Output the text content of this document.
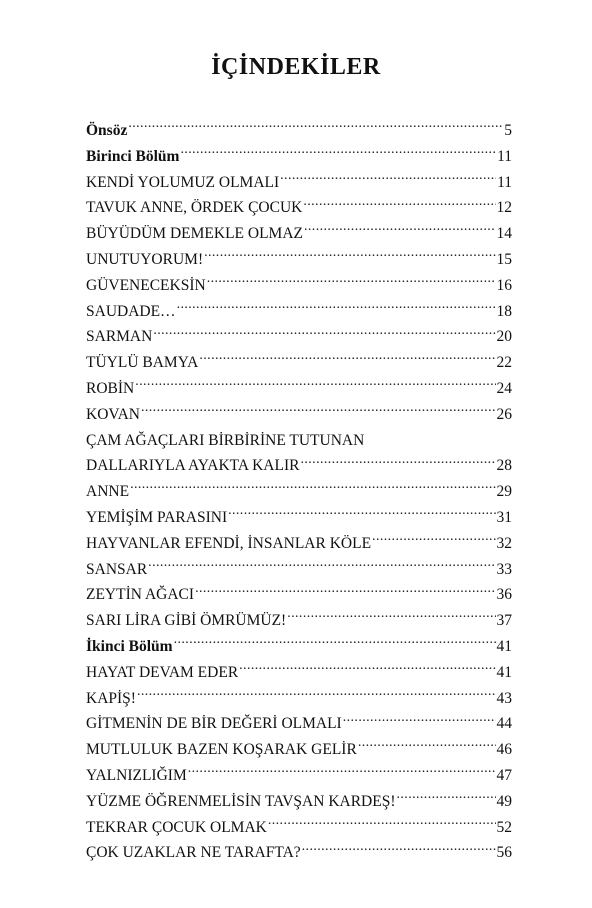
İÇİNDEKİLER
Önsöz .....	5
Birinci Bölüm .....	11
KENDİ YOLUMUZ OLMALI .....	11
TAVUK ANNE, ÖRDEK ÇOCUK .....	12
BÜYÜDÜM DEMEKLE OLMAZ .....	14
UNUTUYORUM! .....	15
GÜVENECEKSİN .....	16
SAUDADE… .....	18
SARMAN .....	20
TÜYLÜ BAMYA .....	22
ROBİN .....	24
KOVAN .....	26
ÇAM AĞAÇLARI BİRBİRİNE TUTUNAN
DALLARIYLA AYAKTA KALIR .....	28
ANNE .....	29
YEMİŞİM PARASINI .....	31
HAYVANLAR EFENDİ, İNSANLAR KÖLE .....	32
SANSAR .....	33
ZEYTİN AĞACI .....	36
SARI LİRA GİBİ ÖMRÜMÜZ! .....	37
İkinci Bölüm .....	41
HAYAT DEVAM EDER .....	41
KAPİŞ! .....	43
GİTMENİN DE BİR DEĞERİ OLMALI .....	44
MUTLULUK BAZEN KOŞARAK GELİR .....	46
YALNIZLIĞIM .....	47
YÜZME ÖĞRENMELİSİN TAVŞAN KARDEŞ! .....	49
TEKRAR ÇOCUK OLMAK .....	52
ÇOK UZAKLAR NE TARAFTA? .....	56
